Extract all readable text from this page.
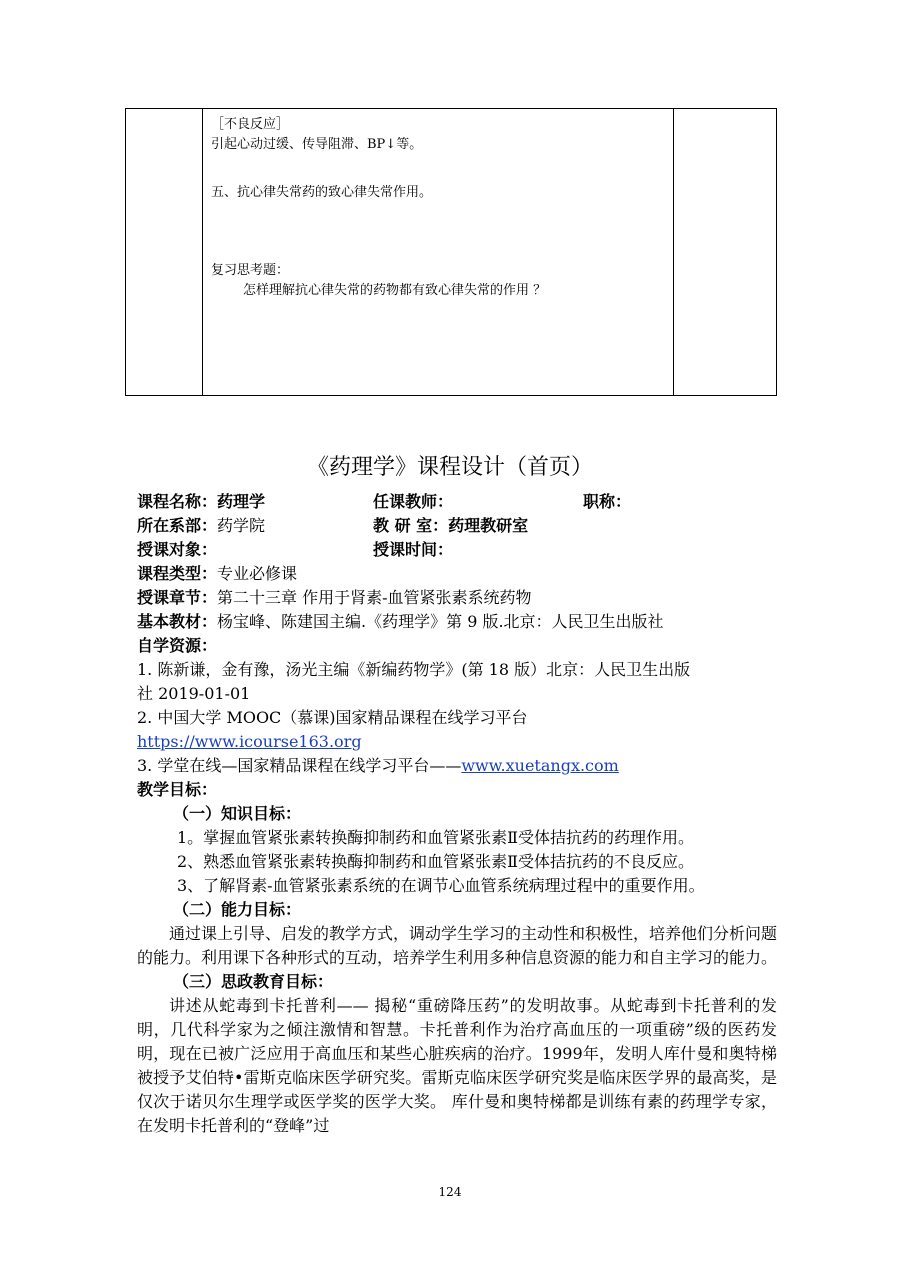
［不良反应］
引起心动过缓、传导阻滞、BP↓等。
五、抗心律失常药的致心律失常作用。
复习思考题：
怎样理解抗心律失常的药物都有致心律失常的作用 ？
《药理学》课程设计（首页）
课程名称：药理学	任课教师：	职称：
所在系部：药学院	教 研 室：药理教研室
授课对象：	授课时间：
课程类型：专业必修课
授课章节：第二十三章 作用于肾素-血管紧张素系统药物
基本教材：杨宝峰、陈建国主编.《药理学》第 9 版.北京：人民卫生出版社
自学资源：
1. 陈新谦，金有豫，汤光主编《新编药物学》(第 18 版）北京：人民卫生出版
社 2019-01-01
2. 中国大学 MOOC（慕课)国家精品课程在线学习平台
https://www.icourse163.org
3. 学堂在线—国家精品课程在线学习平台——www.xuetangx.com
教学目标：
（一）知识目标：
1。掌握血管紧张素转换酶抑制药和血管紧张素Ⅱ受体拮抗药的药理作用。
2、熟悉血管紧张素转换酶抑制药和血管紧张素Ⅱ受体拮抗药的不良反应。
3、了解肾素-血管紧张素系统的在调节心血管系统病理过程中的重要作用。
（二）能力目标：
通过课上引导、启发的教学方式，调动学生学习的主动性和积极性，培养他们分析问题的能力。利用课下各种形式的互动，培养学生利用多种信息资源的能力和自主学习的能力。
（三）思政教育目标：
讲述从蛇毒到卡托普利—— 揭秘“重磅降压药”的发明故事。从蛇毒到卡托普利的发明，几代科学家为之倾注激情和智慧。卡托普利作为治疗高血压的一项重磅”级的医药发明，现在已被广泛应用于高血压和某些心脏疾病的治疗。1999年，发明人库什曼和奥特梯被授予艾伯特•雷斯克临床医学研究奖。雷斯克临床医学研究奖是临床医学界的最高奖，是仅次于诺贝尔生理学或医学奖的医学大奖。 库什曼和奥特梯都是训练有素的药理学专家，在发明卡托普利的“登峰”过
124
